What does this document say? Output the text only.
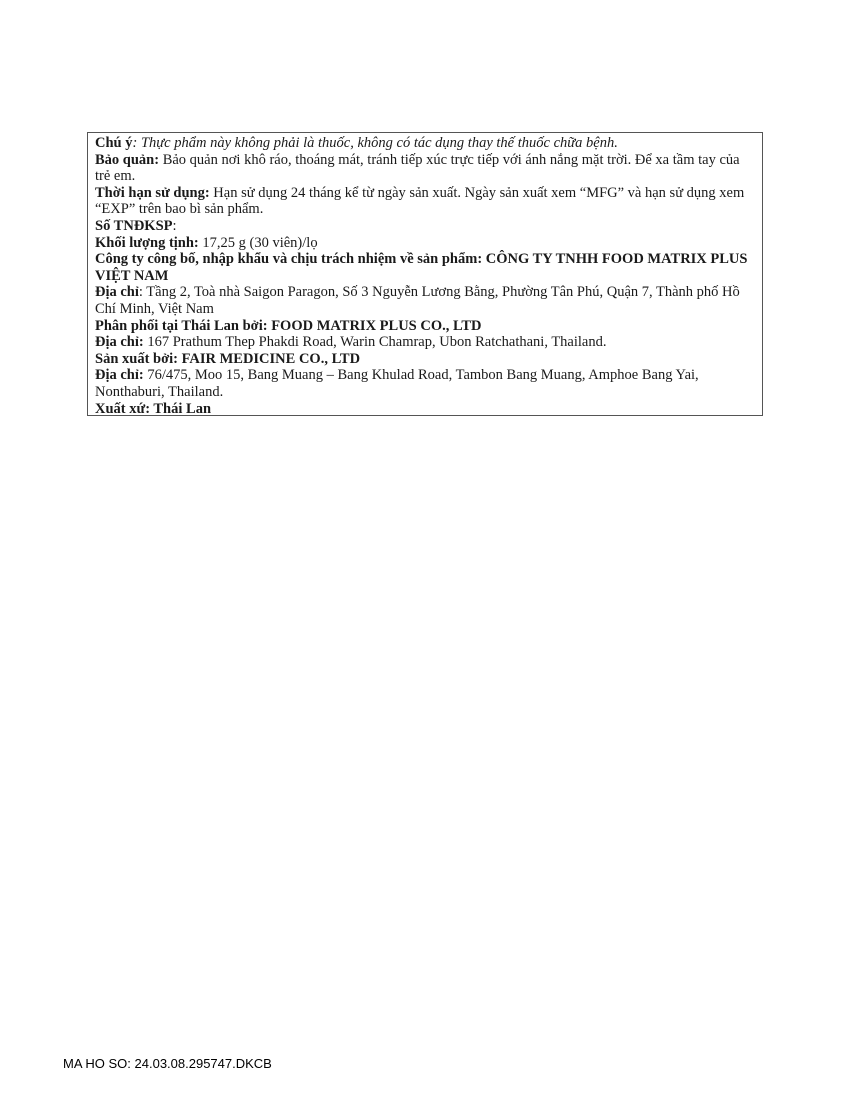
Chú ý: Thực phẩm này không phải là thuốc, không có tác dụng thay thế thuốc chữa bệnh.

Bảo quản: Bảo quản nơi khô ráo, thoáng mát, tránh tiếp xúc trực tiếp với ánh nắng mặt trời. Để xa tầm tay của trẻ em.

Thời hạn sử dụng: Hạn sử dụng 24 tháng kể từ ngày sản xuất. Ngày sản xuất xem “MFG” và hạn sử dụng xem “EXP” trên bao bì sản phẩm.

Số TNĐKSP:

Khối lượng tịnh: 17,25 g (30 viên)/lọ

Công ty công bố, nhập khẩu và chịu trách nhiệm về sản phẩm: CÔNG TY TNHH FOOD MATRIX PLUS VIỆT NAM

Địa chỉ: Tầng 2, Toà nhà Saigon Paragon, Số 3 Nguyễn Lương Bằng, Phường Tân Phú, Quận 7, Thành phố Hồ Chí Minh, Việt Nam

Phân phối tại Thái Lan bởi: FOOD MATRIX PLUS CO., LTD

Địa chỉ: 167 Prathum Thep Phakdi Road, Warin Chamrap, Ubon Ratchathani, Thailand.

Sản xuất bởi: FAIR MEDICINE CO., LTD

Địa chỉ: 76/475, Moo 15, Bang Muang – Bang Khulad Road, Tambon Bang Muang, Amphoe Bang Yai, Nonthaburi, Thailand.

Xuất xứ: Thái Lan

MA HO SO: 24.03.08.295747.DKCB
